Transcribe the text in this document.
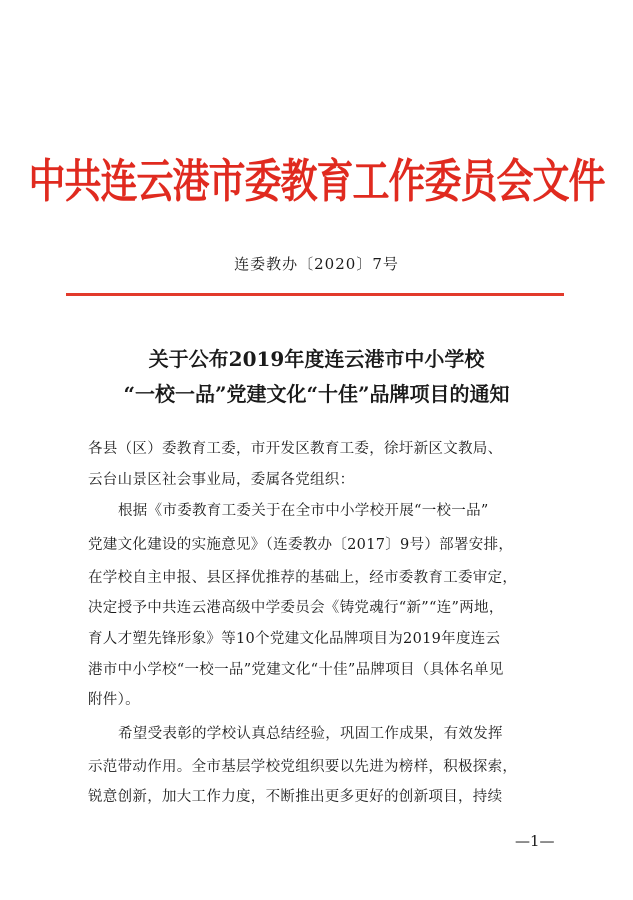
中共连云港市委教育工作委员会文件
连委教办〔2020〕7号
关于公布2019年度连云港市中小学校
“一校一品”党建文化“十佳”品牌项目的通知
各县（区）委教育工委，市开发区教育工委，徐圩新区文教局、
云台山景区社会事业局，委属各党组织：
根据《市委教育工委关于在全市中小学校开展“一校一品”
党建文化建设的实施意见》（连委教办〔2017〕9号）部署安排，
在学校自主申报、县区择优推荐的基础上，经市委教育工委审定，
决定授予中共连云港高级中学委员会《铸党魂行“新”“连”两地，
育人才塑先锋形象》等10个党建文化品牌项目为2019年度连云
港市中小学校“一校一品”党建文化“十佳”品牌项目（具体名单见
附件）。
希望受表彰的学校认真总结经验，巩固工作成果，有效发挥
示范带动作用。全市基层学校党组织要以先进为榜样，积极探索，
锐意创新，加大工作力度，不断推出更多更好的创新项目，持续
—1—
